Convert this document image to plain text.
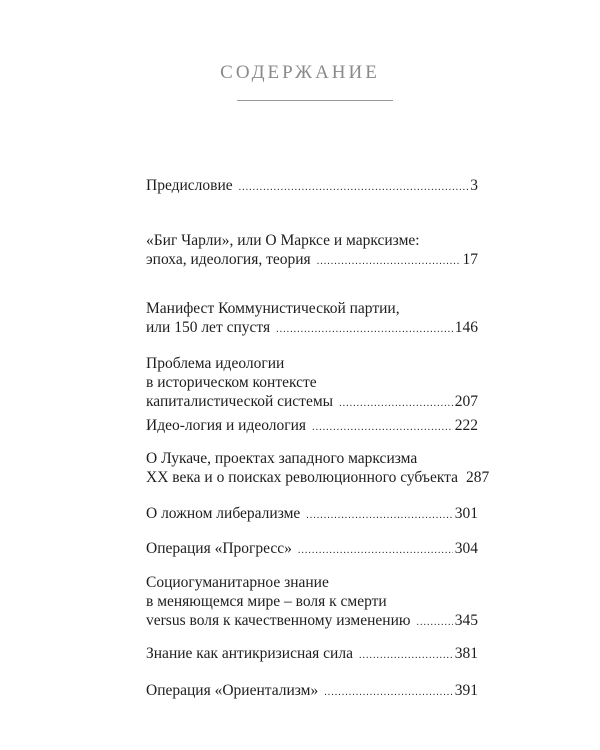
СОДЕРЖАНИЕ
Предисловие .....	3
«Биг Чарли», или О Марксе и марксизме:
эпоха, идеология, теория .....	17
Манифест Коммунистической партии,
или 150 лет спустя .....	146
Проблема идеологии
в историческом контексте
капиталистической системы .....	207
Идео-логия и идеология .....	222
О Лукаче, проектах западного марксизма
XX века и о поисках революционного субъекта 287
О ложном либерализме .....	301
Операция «Прогресс» .....	304
Социогуманитарное знание
в меняющемся мире – воля к смерти
versus воля к качественному изменению .....	345
Знание как антикризисная сила .....	381
Операция «Ориентализм» .....	391
